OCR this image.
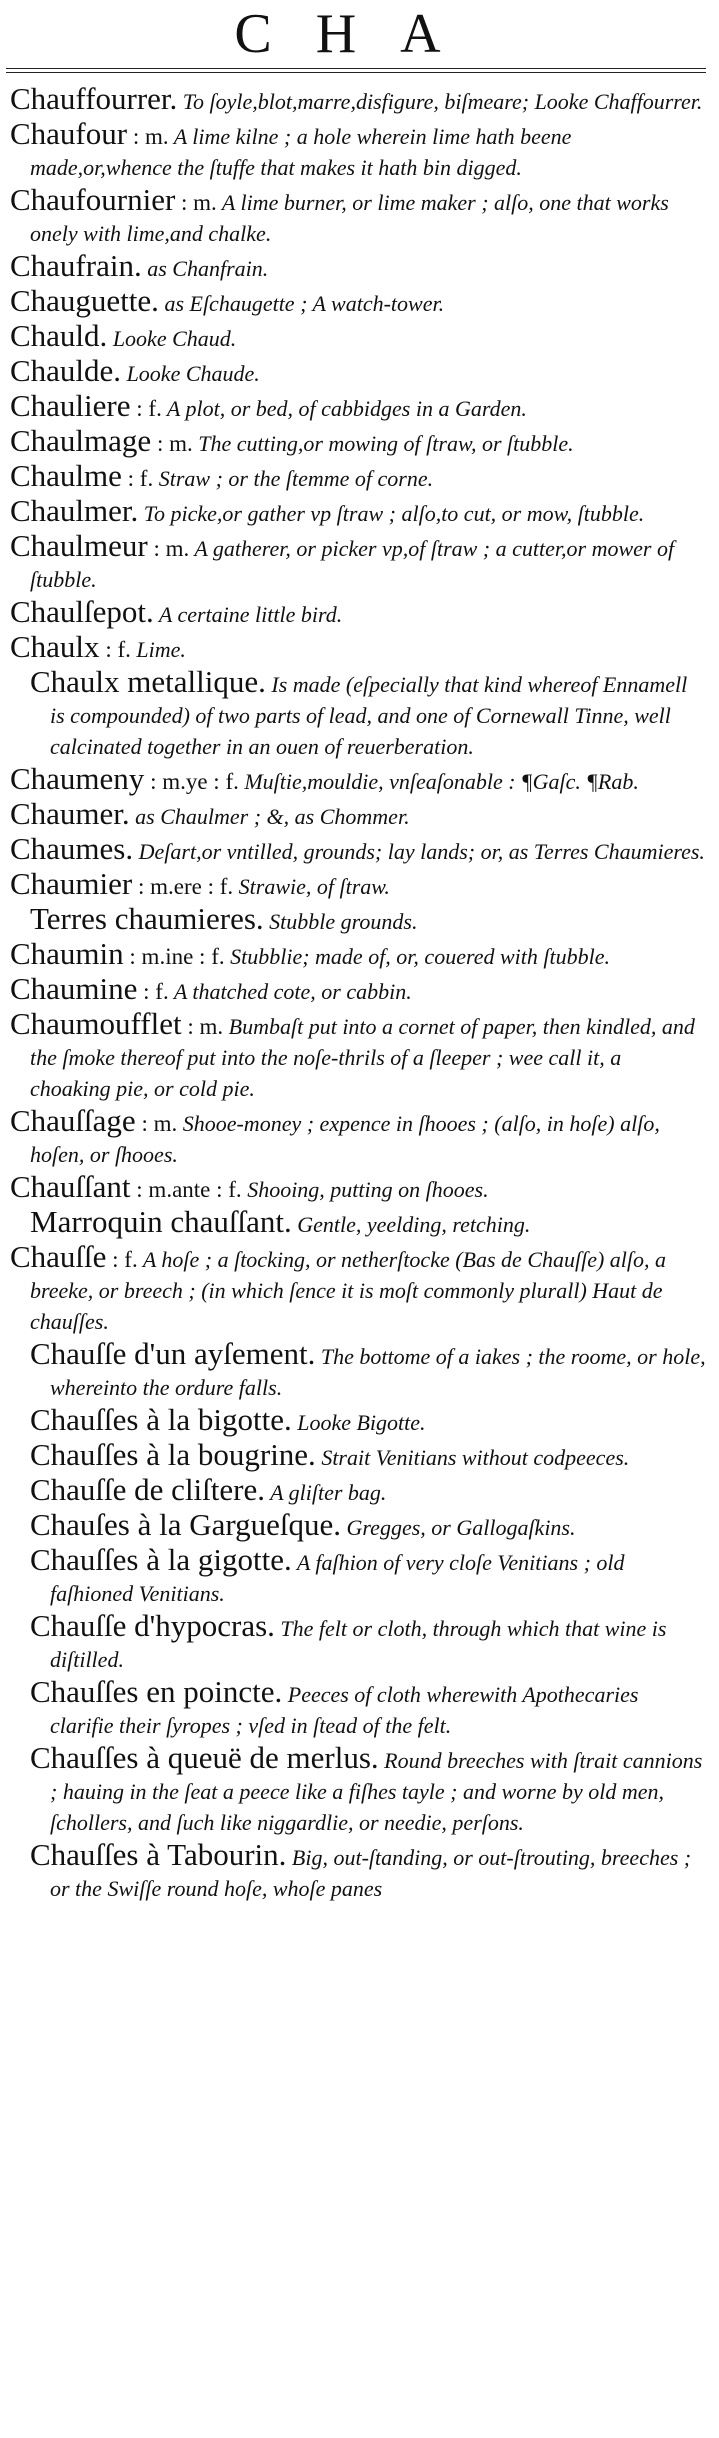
CHA

Chauffourrer. To ſoyle,blot,marre,disfigure, biſmeare; Looke Chaffourrer.

Chaufour : m. A lime kilne ; a hole wherein lime hath beene made,or,whence the ſtuffe that makes it hath bin digged.

Chaufournier : m. A lime burner, or lime maker ; alſo, one that works onely with lime,and chalke.

Chaufrain. as Chanfrain.

Chauguette. as Eſchaugette ; A watch-tower.

Chauld. Looke Chaud.

Chaulde. Looke Chaude.

Chauliere : f. A plot, or bed, of cabbidges in a Garden.

Chaulmage : m. The cutting,or mowing of ſtraw, or ſtubble.

Chaulme : f. Straw ; or the ſtemme of corne.

Chaulmer. To picke,or gather vp ſtraw ; alſo,to cut, or mow, ſtubble.

Chaulmeur : m. A gatherer, or picker vp,of ſtraw ; a cutter,or mower of ſtubble.

Chaulſepot. A certaine little bird.

Chaulx : f. Lime.

Chaulx metallique. Is made (eſpecially that kind whereof Ennamell is compounded) of two parts of lead, and one of Cornewall Tinne, well calcinated together in an ouen of reuerberation.

Chaumeny : m.ye : f. Muſtie,mouldie, vnſeaſonable : ¶Gaſc. ¶Rab.

Chaumer. as Chaulmer ; &, as Chommer.

Chaumes. Deſart,or vntilled, grounds; lay lands; or, as Terres Chaumieres.

Chaumier : m.ere : f. Strawie, of ſtraw.

Terres chaumieres. Stubble grounds.

Chaumin : m.ine : f. Stubblie; made of, or, couered with ſtubble.

Chaumine : f. A thatched cote, or cabbin.

Chaumoufflet : m. Bumbaſt put into a cornet of paper, then kindled, and the ſmoke thereof put into the noſe-thrils of a ſleeper ; wee call it, a choaking pie, or cold pie.

Chauſſage : m. Shooe-money ; expence in ſhooes ; (alſo, in hoſe) alſo, hoſen, or ſhooes.

Chauſſant : m.ante : f. Shooing, putting on ſhooes.

Marroquin chauſſant. Gentle, yeelding, retching.

Chauſſe : f. A hoſe ; a ſtocking, or netherſtocke (Bas de Chauſſe) alſo, a breeke, or breech ; (in which ſence it is moſt commonly plurall) Haut de chauſſes.

Chauſſe d'un ayſement. The bottome of a iakes ; the roome, or hole, whereinto the ordure falls.

Chauſſes à la bigotte. Looke Bigotte.

Chauſſes à la bougrine. Strait Venitians without codpeeces.

Chauſſe de cliſtere. A gliſter bag.

Chauſes à la Gargueſque. Gregges, or Gallogaſkins.

Chauſſes à la gigotte. A faſhion of very cloſe Venitians ; old faſhioned Venitians.

Chauſſe d'hypocras. The felt or cloth, through which that wine is diſtilled.

Chauſſes en poincte. Peeces of cloth wherewith Apothecaries clarifie their ſyropes ; vſed in ſtead of the felt.

Chauſſes à queuë de merlus. Round breeches with ſtrait cannions ; hauing in the ſeat a peece like a fiſhes tayle ; and worne by old men, ſchollers, and ſuch like niggardlie, or needie, perſons.

Chauſſes à Tabourin. Big, out-ſtanding, or out-ſtrouting, breeches ; or the Swiſſe round hoſe, whoſe panes
